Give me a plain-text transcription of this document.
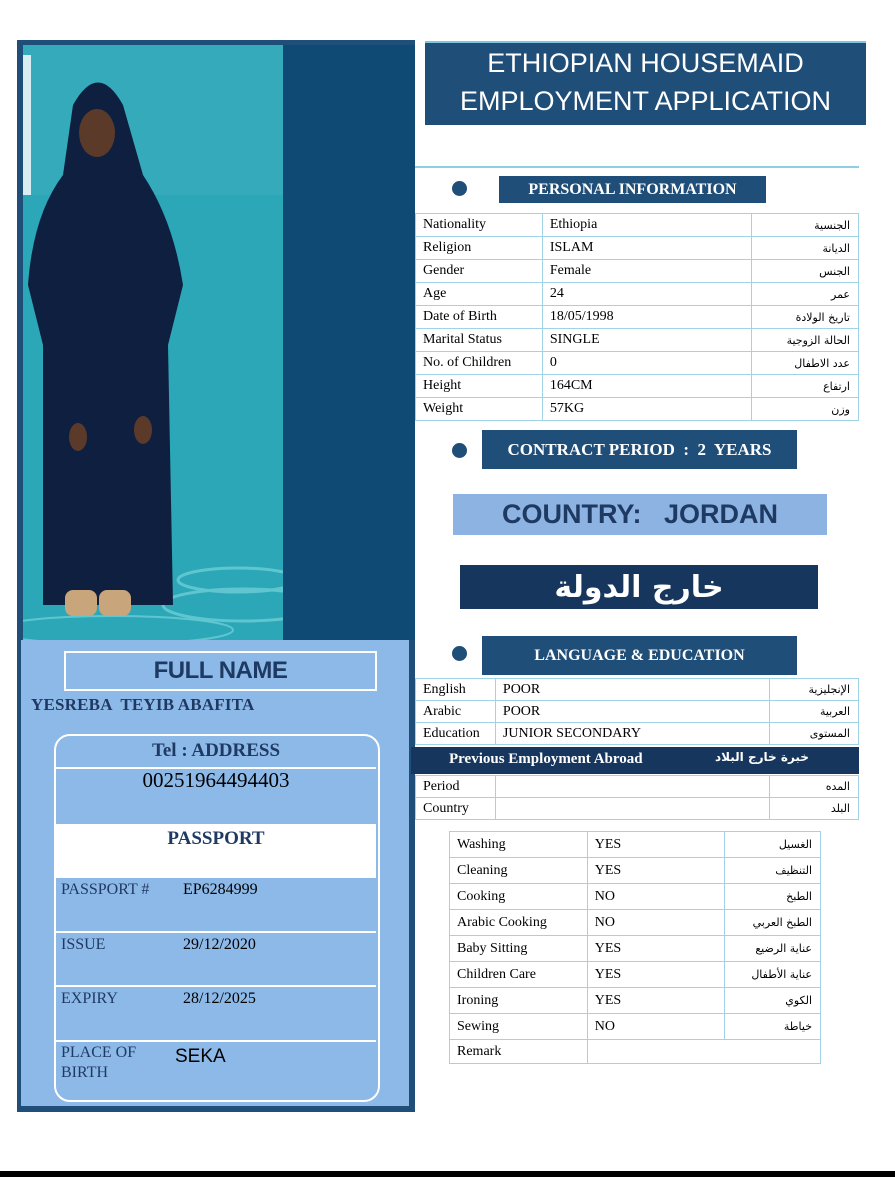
FULL NAME
YESREBA  TEYIB ABAFITA
Tel : ADDRESS
00251964494403
PASSPORT
PASSPORT # EP6284999
ISSUE	29/12/2020
EXPIRY	28/12/2025
PLACE OF
BIRTH
SEKA
ETHIOPIAN HOUSEMAID
EMPLOYMENT APPLICATION
PERSONAL INFORMATION
Nationality	Ethiopia	الجنسية
Religion	ISLAM	الديانة
Gender	Female	الجنس
Age	24	عمر
Date of Birth	18/05/1998	تاريخ الولادة
Marital Status	SINGLE	الحالة الزوجية
No. of Children	0	عدد الاطفال
Height	164CM	ارتفاع
Weight	57KG	وزن
CONTRACT PERIOD  :  2  YEARS
COUNTRY:   JORDAN
خارج الدولة
LANGUAGE & EDUCATION
English	POOR	الإنجليزية
Arabic	POOR	العربية
Education	JUNIOR SECONDARY	المستوى
Previous Employment Abroad	خبرة خارج البلاد
Period		المده
Country		البلد
Washing	YES	الغسيل
Cleaning	YES	التنظيف
Cooking	NO	الطبخ
Arabic Cooking	NO	الطبخ العربي
Baby Sitting	YES	عناية الرضيع
Children Care	YES	عناية الأطفال
Ironing	YES	الكوي
Sewing	NO	خياطة
Remark		
